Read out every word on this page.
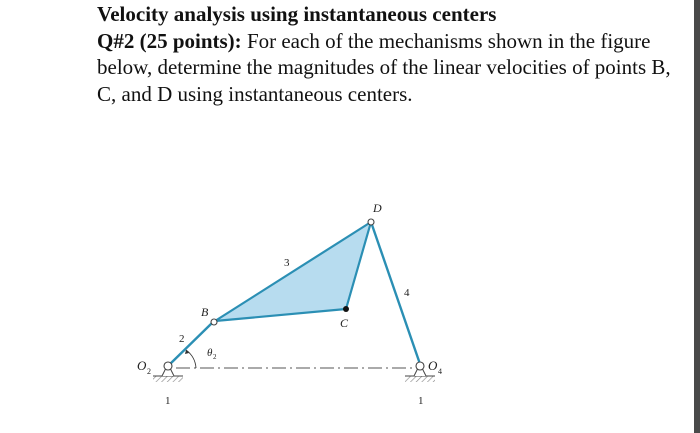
Velocity analysis using instantaneous centers

Q#2 (25 points): For each of the mechanisms shown in the figure below, determine the magnitudes of the linear velocities of points B, C, and D using instantaneous centers.

D
B
C
O 2	O 4
3
4
2
1	1
θ 2
